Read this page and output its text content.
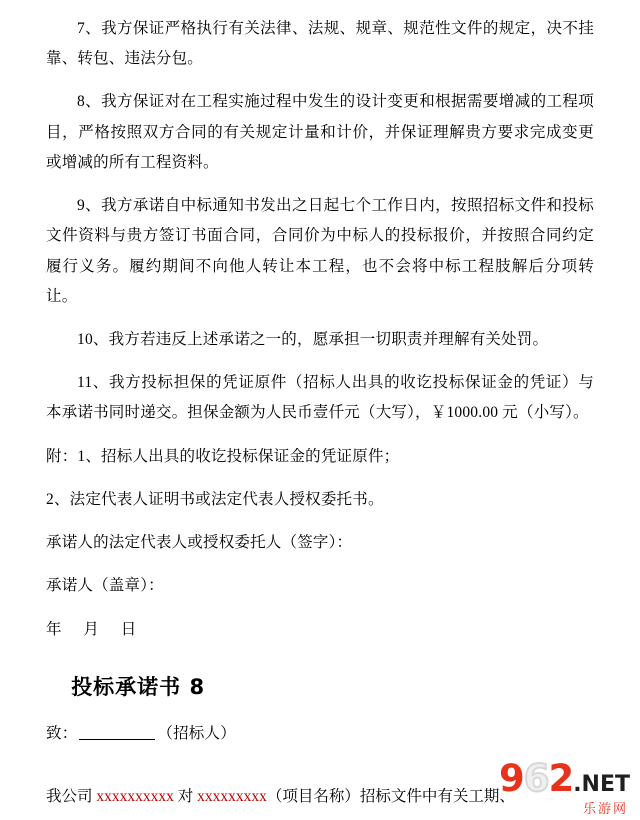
7、我方保证严格执行有关法律、法规、规章、规范性文件的规定，决不挂靠、转包、违法分包。

8、我方保证对在工程实施过程中发生的设计变更和根据需要增减的工程项目，严格按照双方合同的有关规定计量和计价，并保证理解贵方要求完成变更或增减的所有工程资料。

9、我方承诺自中标通知书发出之日起七个工作日内，按照招标文件和投标文件资料与贵方签订书面合同，合同价为中标人的投标报价，并按照合同约定履行义务。履约期间不向他人转让本工程，也不会将中标工程肢解后分项转让。

10、我方若违反上述承诺之一的，愿承担一切职责并理解有关处罚。

11、我方投标担保的凭证原件（招标人出具的收讫投标保证金的凭证）与本承诺书同时递交。担保金额为人民币壹仟元（大写），￥1000.00 元（小写）。

附：1、招标人出具的收讫投标保证金的凭证原件；

2、法定代表人证明书或法定代表人授权委托书。

承诺人的法定代表人或授权委托人（签字）：

承诺人（盖章）：

年 月 日

投标承诺书 8

致：	（招标人）

我公司 xxxxxxxxxx 对 xxxxxxxxx（项目名称）招标文件中有关工期、
962.NET
乐游网
